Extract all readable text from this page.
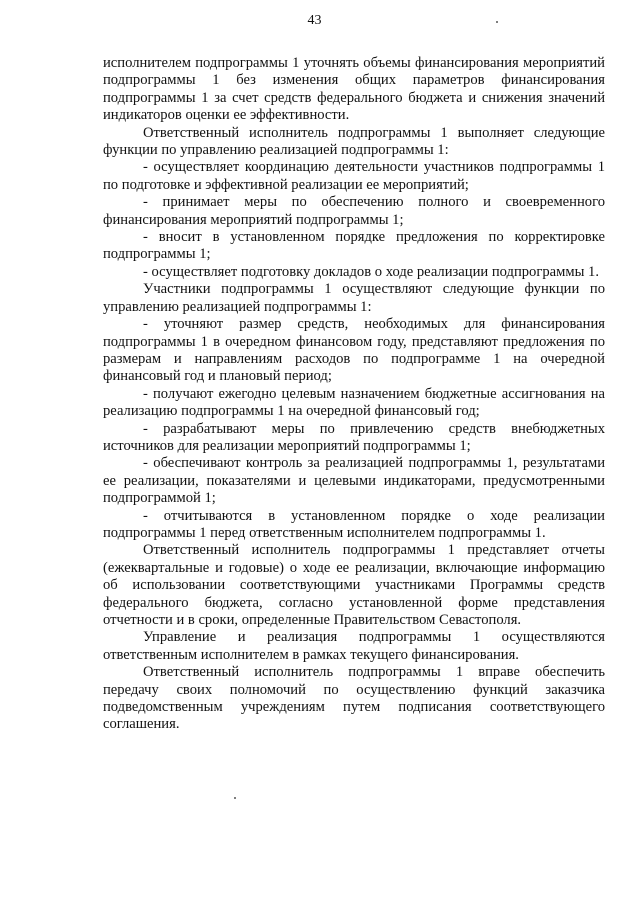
43

исполнителем подпрограммы 1 уточнять объемы финансирования мероприятий подпрограммы 1 без изменения общих параметров финансирования подпрограммы 1 за счет средств федерального бюджета и снижения значений индикаторов оценки ее эффективности.

Ответственный исполнитель подпрограммы 1 выполняет следующие функции по управлению реализацией подпрограммы 1:

- осуществляет координацию деятельности участников подпрограммы 1 по подготовке и эффективной реализации ее мероприятий;

- принимает меры по обеспечению полного и своевременного финансирования мероприятий подпрограммы 1;

- вносит в установленном порядке предложения по корректировке подпрограммы 1;

- осуществляет подготовку докладов о ходе реализации подпрограммы 1.

Участники подпрограммы 1 осуществляют следующие функции по управлению реализацией подпрограммы 1:

- уточняют размер средств, необходимых для финансирования подпрограммы 1 в очередном финансовом году, представляют предложения по размерам и направлениям расходов по подпрограмме 1 на очередной финансовый год и плановый период;

- получают ежегодно целевым назначением бюджетные ассигнования на реализацию подпрограммы 1 на очередной финансовый год;

- разрабатывают меры по привлечению средств внебюджетных источников для реализации мероприятий подпрограммы 1;

- обеспечивают контроль за реализацией подпрограммы 1, результатами ее реализации, показателями и целевыми индикаторами, предусмотренными подпрограммой 1;

- отчитываются в установленном порядке о ходе реализации подпрограммы 1 перед ответственным исполнителем подпрограммы 1.

Ответственный исполнитель подпрограммы 1 представляет отчеты (ежеквартальные и годовые) о ходе ее реализации, включающие информацию об использовании соответствующими участниками Программы средств федерального бюджета, согласно установленной форме представления отчетности и в сроки, определенные Правительством Севастополя.

Управление и реализация подпрограммы 1 осуществляются ответственным исполнителем в рамках текущего финансирования.

Ответственный исполнитель подпрограммы 1 вправе обеспечить передачу своих полномочий по осуществлению функций заказчика подведомственным учреждениям путем подписания соответствующего соглашения.
